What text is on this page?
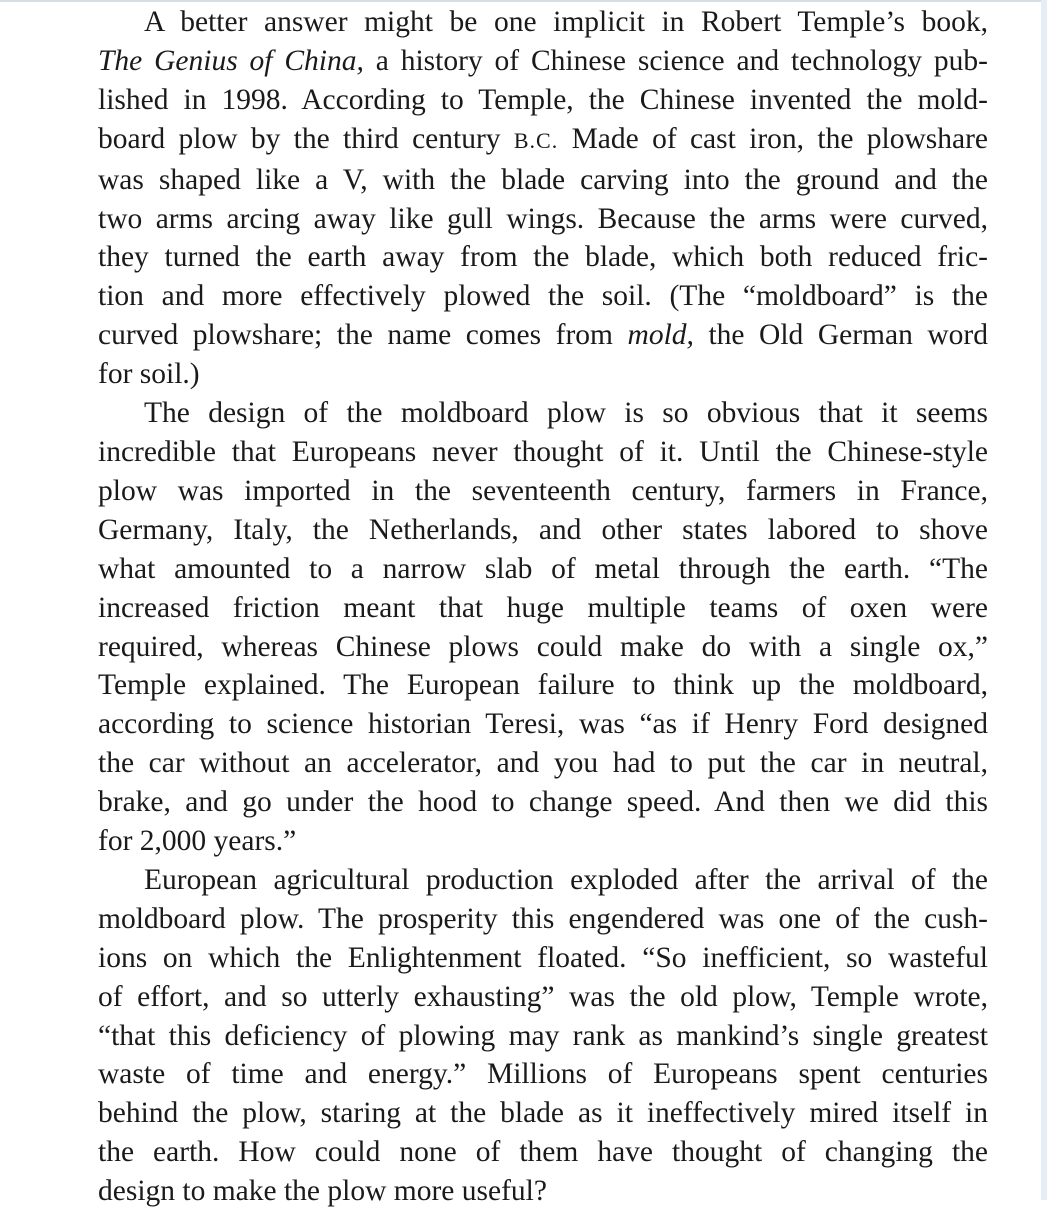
A better answer might be one implicit in Robert Temple’s book,
The Genius of China, a history of Chinese science and technology pub-
lished in 1998. According to Temple, the Chinese invented the mold-
board plow by the third century B.C. Made of cast iron, the plowshare
was shaped like a V, with the blade carving into the ground and the
two arms arcing away like gull wings. Because the arms were curved,
they turned the earth away from the blade, which both reduced fric-
tion and more effectively plowed the soil. (The “moldboard” is the
curved plowshare; the name comes from mold, the Old German word
for soil.)

The design of the moldboard plow is so obvious that it seems
incredible that Europeans never thought of it. Until the Chinese-style
plow was imported in the seventeenth century, farmers in France,
Germany, Italy, the Netherlands, and other states labored to shove
what amounted to a narrow slab of metal through the earth. “The
increased friction meant that huge multiple teams of oxen were
required, whereas Chinese plows could make do with a single ox,”
Temple explained. The European failure to think up the moldboard,
according to science historian Teresi, was “as if Henry Ford designed
the car without an accelerator, and you had to put the car in neutral,
brake, and go under the hood to change speed. And then we did this
for 2,000 years.”

European agricultural production exploded after the arrival of the
moldboard plow. The prosperity this engendered was one of the cush-
ions on which the Enlightenment floated. “So inefficient, so wasteful
of effort, and so utterly exhausting” was the old plow, Temple wrote,
“that this deficiency of plowing may rank as mankind’s single greatest
waste of time and energy.” Millions of Europeans spent centuries
behind the plow, staring at the blade as it ineffectively mired itself in
the earth. How could none of them have thought of changing the
design to make the plow more useful?
